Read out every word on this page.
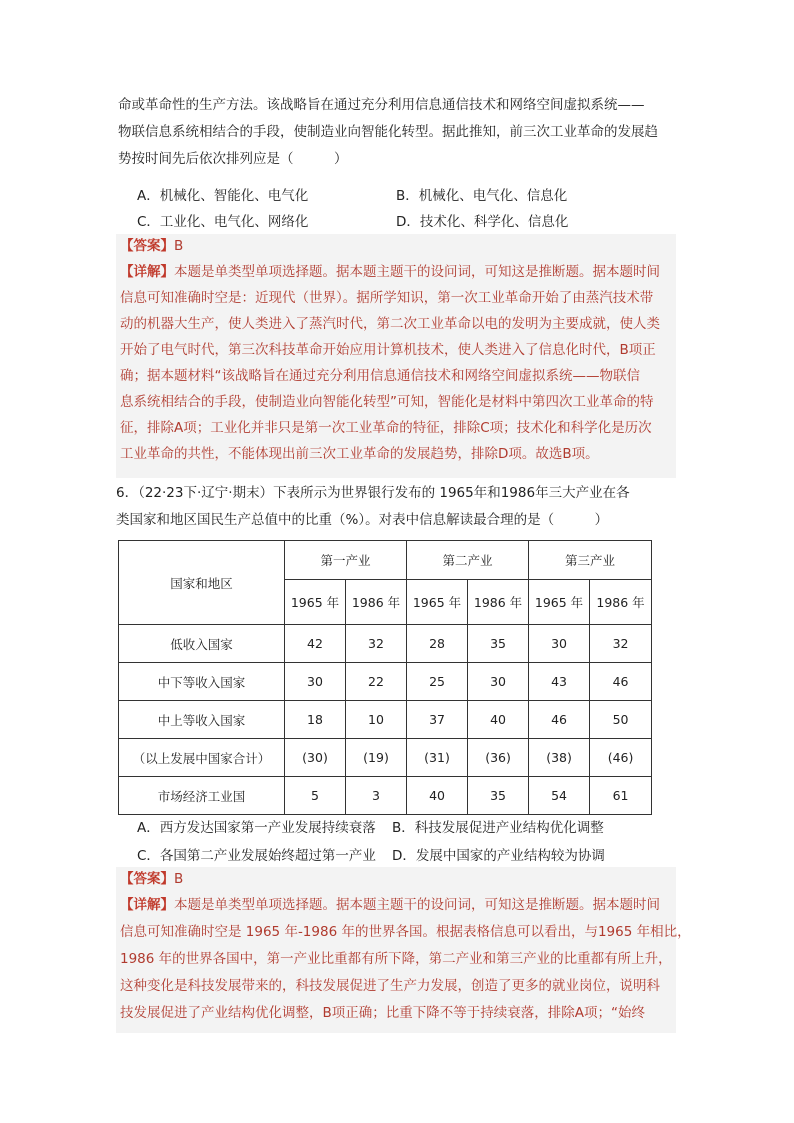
命或革命性的生产方法。该战略旨在通过充分利用信息通信技术和网络空间虚拟系统——
物联信息系统相结合的手段，使制造业向智能化转型。据此推知，前三次工业革命的发展趋
势按时间先后依次排列应是（　　　）
A．机械化、智能化、电气化	B．机械化、电气化、信息化
C．工业化、电气化、网络化	D．技术化、科学化、信息化
【答案】B
【详解】本题是单类型单项选择题。据本题主题干的设问词，可知这是推断题。据本题时间
信息可知准确时空是：近现代（世界）。据所学知识，第一次工业革命开始了由蒸汽技术带
动的机器大生产，使人类进入了蒸汽时代，第二次工业革命以电的发明为主要成就，使人类
开始了电气时代，第三次科技革命开始应用计算机技术，使人类进入了信息化时代，B项正
确；据本题材料“该战略旨在通过充分利用信息通信技术和网络空间虚拟系统——物联信
息系统相结合的手段，使制造业向智能化转型”可知，智能化是材料中第四次工业革命的特
征，排除A项；工业化并非只是第一次工业革命的特征，排除C项；技术化和科学化是历次
工业革命的共性，不能体现出前三次工业革命的发展趋势，排除D项。故选B项。
6．（22·23下·辽宁·期末）下表所示为世界银行发布的 1965年和1986年三大产业在各
类国家和地区国民生产总值中的比重（%）。对表中信息解读最合理的是（　　　）
国家和地区	第一产业		第二产业		第三产业	
	1965 年	1986 年	1965 年	1986 年	1965 年	1986 年
低收入国家	42	32	28	35	30	32
中下等收入国家	30	22	25	30	43	46
中上等收入国家	18	10	37	40	46	50
（以上发展中国家合计）	(30)	(19)	(31)	(36)	(38)	(46)
市场经济工业国	5	3	40	35	54	61
A．西方发达国家第一产业发展持续衰落 B．科技发展促进产业结构优化调整
C．各国第二产业发展始终超过第一产业 D．发展中国家的产业结构较为协调
【答案】B
【详解】本题是单类型单项选择题。据本题主题干的设问词，可知这是推断题。据本题时间
信息可知准确时空是 1965 年-1986 年的世界各国。根据表格信息可以看出，与1965 年相比，
1986 年的世界各国中，第一产业比重都有所下降，第二产业和第三产业的比重都有所上升，
这种变化是科技发展带来的，科技发展促进了生产力发展，创造了更多的就业岗位，说明科
技发展促进了产业结构优化调整，B项正确；比重下降不等于持续衰落，排除A项；“始终
